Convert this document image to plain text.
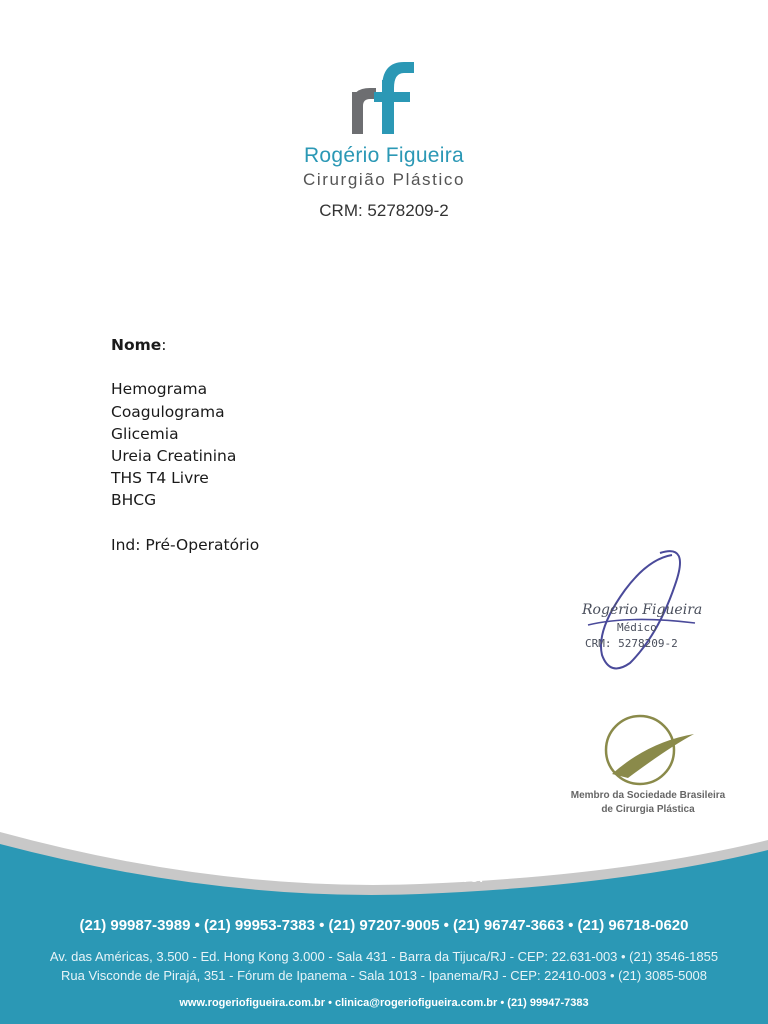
Rogério Figueira
Cirurgião Plástico
CRM: 5278209-2
Nome:
Hemograma
Coagulograma
Glicemia
Ureia Creatinina
THS T4 Livre
BHCG
Ind: Pré-Operatório
Rogério Figueira
Médico
CRM: 5278209-2
Membro da Sociedade Brasileira
de Cirurgia Plástica
CENTRAIS DE AGENDAMENTO:
(21) 99987-3989 • (21) 99953-7383 • (21) 97207-9005 • (21) 96747-3663 • (21) 96718-0620
Av. das Américas, 3.500 - Ed. Hong Kong 3.000 - Sala 431 - Barra da Tijuca/RJ - CEP: 22.631-003 • (21) 3546-1855
Rua Visconde de Pirajá, 351 - Fórum de Ipanema - Sala 1013 - Ipanema/RJ - CEP: 22410-003 • (21) 3085-5008
www.rogeriofigueira.com.br • clinica@rogeriofigueira.com.br • (21) 99947-7383
